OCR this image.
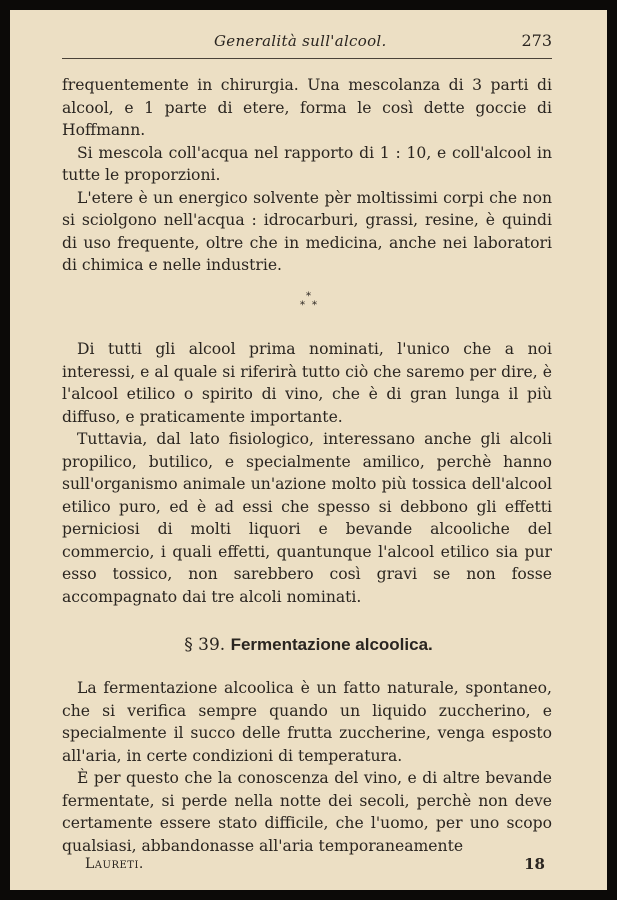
Generalità sull'alcool.	273

frequentemente in chirurgia. Una mescolanza di 3 parti di alcool, e 1 parte di etere, forma le così dette goccie di Hoffmann.

Si mescola coll'acqua nel rapporto di 1 : 10, e coll'alcool in tutte le proporzioni.

L'etere è un energico solvente pèr moltissimi corpi che non si sciolgono nell'acqua : idrocarburi, grassi, resine, è quindi di uso frequente, oltre che in medicina, anche nei laboratori di chimica e nelle industrie.

*
* *

Di tutti gli alcool prima nominati, l'unico che a noi interessi, e al quale si riferirà tutto ciò che saremo per dire, è l'alcool etilico o spirito di vino, che è di gran lunga il più diffuso, e praticamente importante.

Tuttavia, dal lato fisiologico, interessano anche gli alcoli propilico, butilico, e specialmente amilico, perchè hanno sull'organismo animale un'azione molto più tossica dell'alcool etilico puro, ed è ad essi che spesso si debbono gli effetti perniciosi di molti liquori e bevande alcooliche del commercio, i quali effetti, quantunque l'alcool etilico sia pur esso tossico, non sarebbero così gravi se non fosse accompagnato dai tre alcoli nominati.

§ 39. Fermentazione alcoolica.

La fermentazione alcoolica è un fatto naturale, spontaneo, che si verifica sempre quando un liquido zuccherino, e specialmente il succo delle frutta zuccherine, venga esposto all'aria, in certe condizioni di temperatura.

È per questo che la conoscenza del vino, e di altre bevande fermentate, si perde nella notte dei secoli, perchè non deve certamente essere stato difficile, che l'uomo, per uno scopo qualsiasi, abbandonasse all'aria temporaneamente

Laureti.	18
